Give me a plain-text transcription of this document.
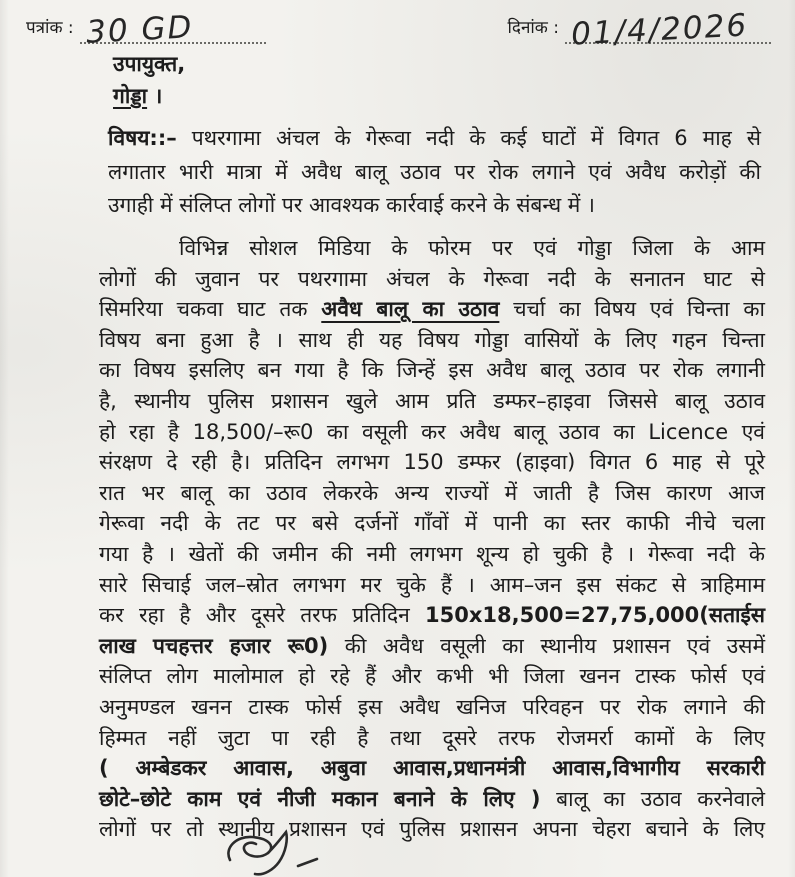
पत्रांक : 30 GD	दिनांक : 01/4/2026
उपायुक्त,
गोड्डा ।
विषय::– पथरगामा अंचल के गेरूवा नदी के कई घाटों में विगत 6 माह से
लगातार भारी मात्रा में अवैध बालू उठाव पर रोक लगाने एवं अवैध करोड़ों की
उगाही में संलिप्त लोगों पर आवश्यक कार्रवाई करने के संबन्ध में ।
विभिन्न सोशल मिडिया के फोरम पर एवं गोड्डा जिला के आम
लोगों की जुवान पर पथरगामा अंचल के गेरूवा नदी के सनातन घाट से
सिमरिया चकवा घाट तक अवैध बालू का उठाव चर्चा का विषय एवं चिन्ता का
विषय बना हुआ है । साथ ही यह विषय गोड्डा वासियों के लिए गहन चिन्ता
का विषय इसलिए बन गया है कि जिन्हें इस अवैध बालू उठाव पर रोक लगानी
है, स्थानीय पुलिस प्रशासन खुले आम प्रति डम्फर–हाइवा जिससे बालू उठाव
हो रहा है 18,500/–रू0 का वसूली कर अवैध बालू उठाव का Licence एवं
संरक्षण दे रही है। प्रतिदिन लगभग 150 डम्फर (हाइवा) विगत 6 माह से पूरे
रात भर बालू का उठाव लेकरके अन्य राज्यों में जाती है जिस कारण आज
गेरूवा नदी के तट पर बसे दर्जनों गाँवों में पानी का स्तर काफी नीचे चला
गया है । खेतों की जमीन की नमी लगभग शून्य हो चुकी है । गेरूवा नदी के
सारे सिचाई जल–स्रोत लगभग मर चुके हैं । आम–जन इस संकट से त्राहिमाम
कर रहा है और दूसरे तरफ प्रतिदिन 150x18,500=27,75,000(सताईस
लाख पचहत्तर हजार रू0) की अवैध वसूली का स्थानीय प्रशासन एवं उसमें
संलिप्त लोग मालोमाल हो रहे हैं और कभी भी जिला खनन टास्क फोर्स एवं
अनुमण्डल खनन टास्क फोर्स इस अवैध खनिज परिवहन पर रोक लगाने की
हिम्मत नहीं जुटा पा रही है तथा दूसरे तरफ रोजमर्रा कामों के लिए
( अम्बेडकर आवास, अबुवा आवास,प्रधानमंत्री आवास,विभागीय सरकारी
छोटे–छोटे काम एवं नीजी मकान बनाने के लिए ) बालू का उठाव करनेवाले
लोगों पर तो स्थानीय प्रशासन एवं पुलिस प्रशासन अपना चेहरा बचाने के लिए
